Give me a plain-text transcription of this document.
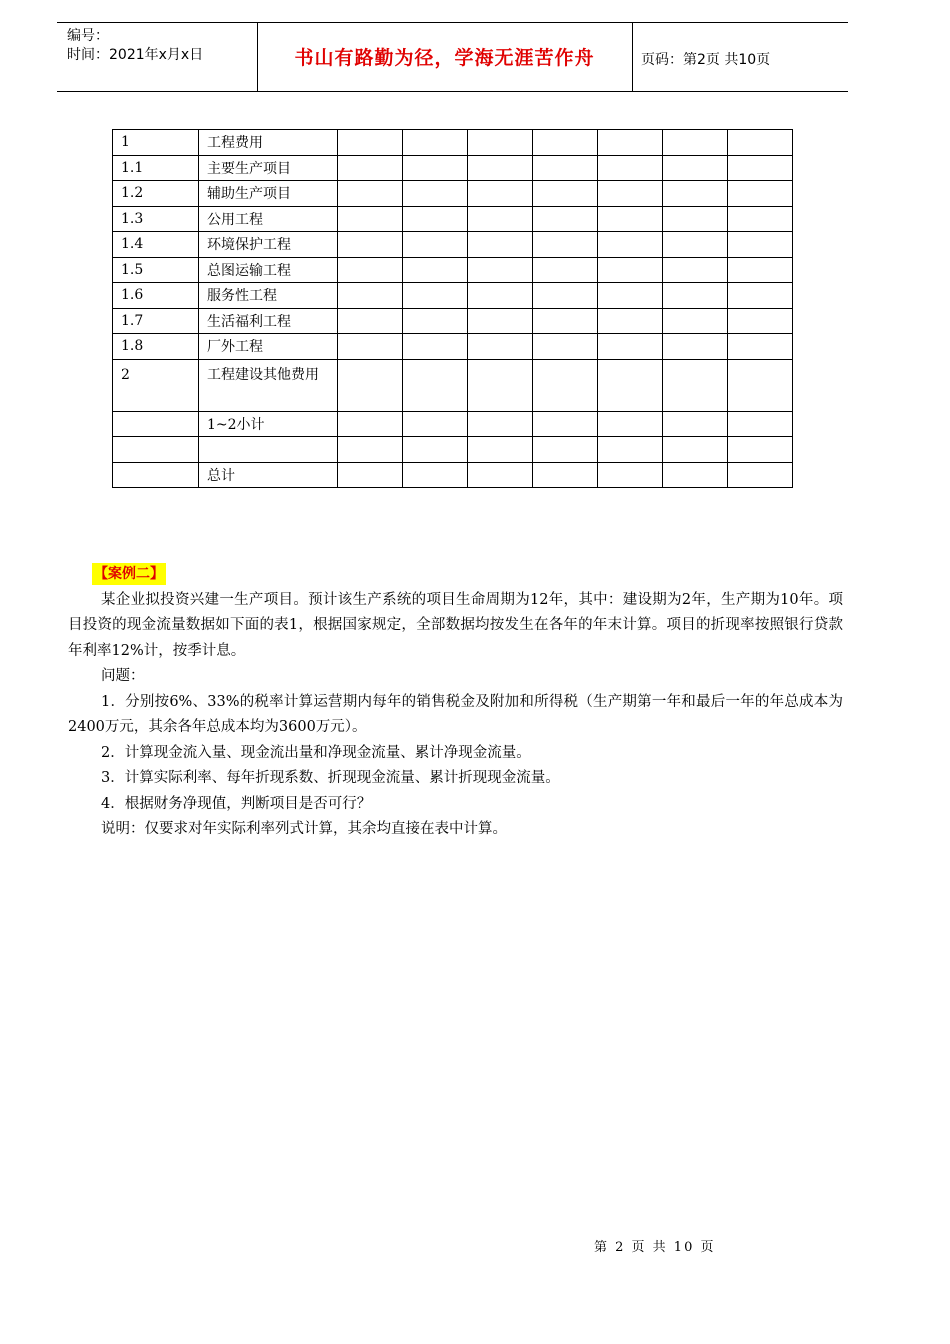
编号：
时间：2021年x月x日	书山有路勤为径，学海无涯苦作舟	页码：第2页 共10页
1	工程费用							
1.1	主要生产项目							
1.2	辅助生产项目							
1.3	公用工程							
1.4	环境保护工程							
1.5	总图运输工程							
1.6	服务性工程							
1.7	生活福利工程							
1.8	厂外工程							
2	工程建设其他费用							
	1~2小计							

	总计							
【案例二】

某企业拟投资兴建一生产项目。预计该生产系统的项目生命周期为12年，其中：建设期为2年，生产期为10年。项目投资的现金流量数据如下面的表1，根据国家规定，全部数据均按发生在各年的年末计算。项目的折现率按照银行贷款年利率12%计，按季计息。

问题：

1．分别按6%、33%的税率计算运营期内每年的销售税金及附加和所得税（生产期第一年和最后一年的年总成本为2400万元，其余各年总成本均为3600万元）。

2．计算现金流入量、现金流出量和净现金流量、累计净现金流量。

3．计算实际利率、每年折现系数、折现现金流量、累计折现现金流量。

4．根据财务净现值，判断项目是否可行？

说明：仅要求对年实际利率列式计算，其余均直接在表中计算。

第 2 页 共 10 页
